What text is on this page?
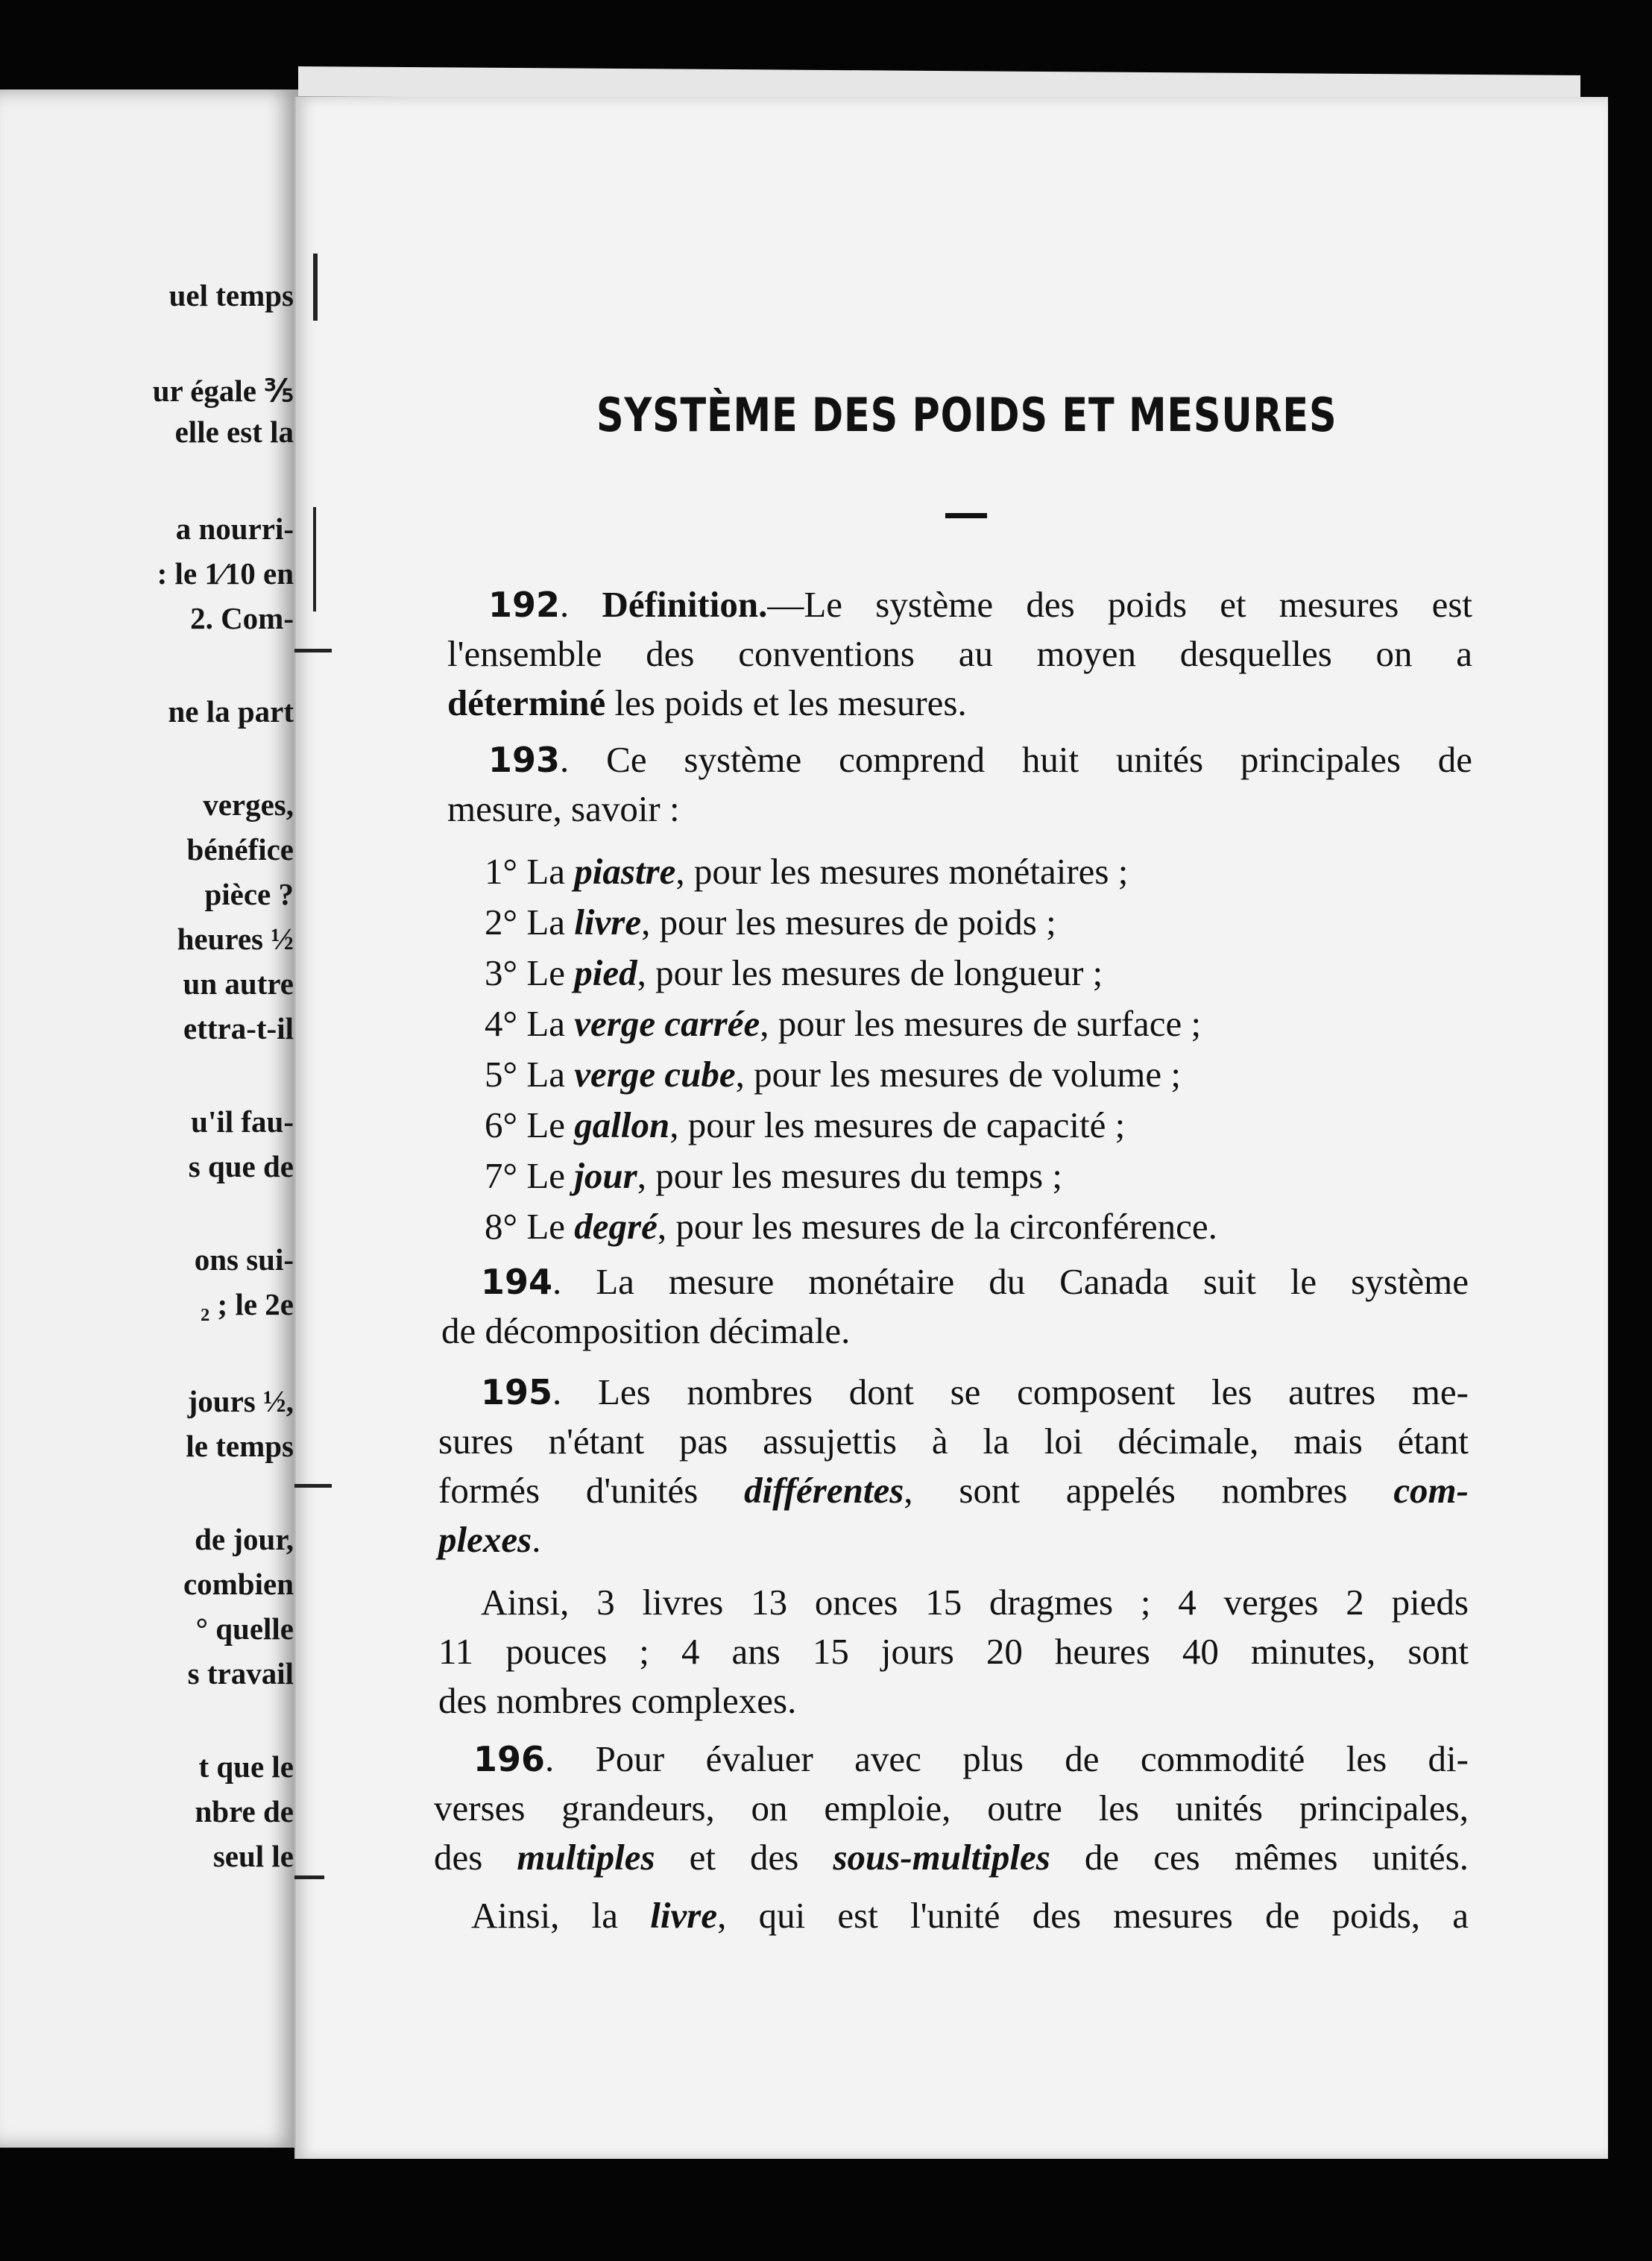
uel temps
ur égale ⅗
elle est la
a nourri-
: le 1⁄10 en
2. Com-
ne la part
verges,
bénéfice
pièce ?
heures ½
un autre
ettra-t-il
u'il fau-
s que de
ons sui-
₂ ; le 2e
jours ½,
le temps
de jour,
combien
° quelle
s travail
t que le
nbre de
seul le
SYSTÈME DES POIDS ET MESURES
192. Définition.—Le système des poids et mesures est
l'ensemble des conventions au moyen desquelles on a
déterminé les poids et les mesures.
193. Ce système comprend huit unités principales de
mesure, savoir :
1° La piastre, pour les mesures monétaires ;
2° La livre, pour les mesures de poids ;
3° Le pied, pour les mesures de longueur ;
4° La verge carrée, pour les mesures de surface ;
5° La verge cube, pour les mesures de volume ;
6° Le gallon, pour les mesures de capacité ;
7° Le jour, pour les mesures du temps ;
8° Le degré, pour les mesures de la circonférence.
194. La mesure monétaire du Canada suit le système
de décomposition décimale.
195. Les nombres dont se composent les autres me-
sures n'étant pas assujettis à la loi décimale, mais étant
formés d'unités différentes, sont appelés nombres com-
plexes.
Ainsi, 3 livres 13 onces 15 dragmes ; 4 verges 2 pieds
11 pouces ; 4 ans 15 jours 20 heures 40 minutes, sont
des nombres complexes.
196. Pour évaluer avec plus de commodité les di-
verses grandeurs, on emploie, outre les unités principales,
des multiples et des sous-multiples de ces mêmes unités.
Ainsi, la livre, qui est l'unité des mesures de poids, a
